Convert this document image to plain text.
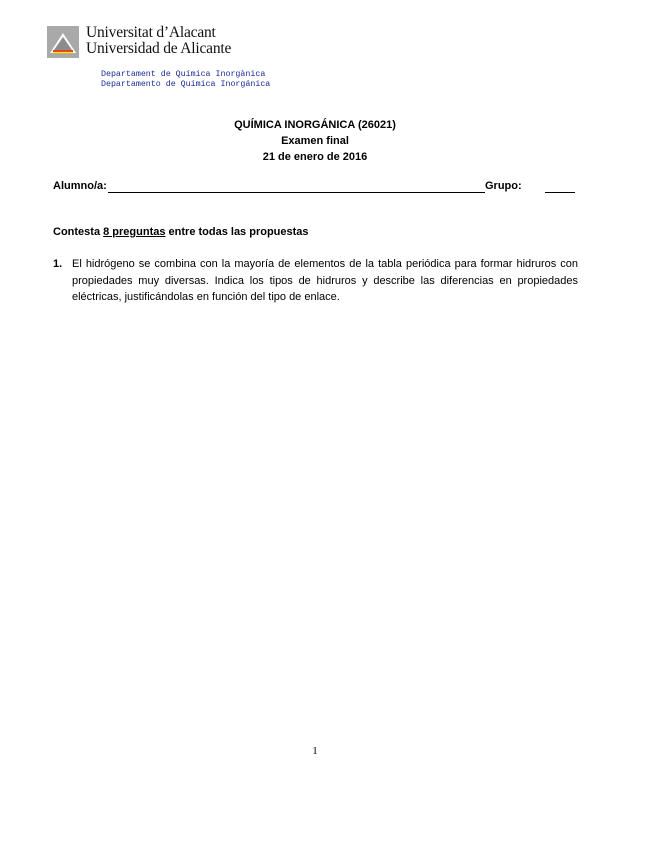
Universitat d’Alacant
Universidad de Alicante
Departament de Química Inorgànica
Departamento de Química Inorgánica
QUÍMICA INORGÁNICA (26021)
Examen final
21 de enero de 2016
Alumno/a:	Grupo:
Contesta 8 preguntas entre todas las propuestas
1. El hidrógeno se combina con la mayoría de elementos de la tabla periódica para formar hidruros con propiedades muy diversas. Indica los tipos de hidruros y describe las diferencias en propiedades eléctricas, justificándolas en función del tipo de enlace.
1
